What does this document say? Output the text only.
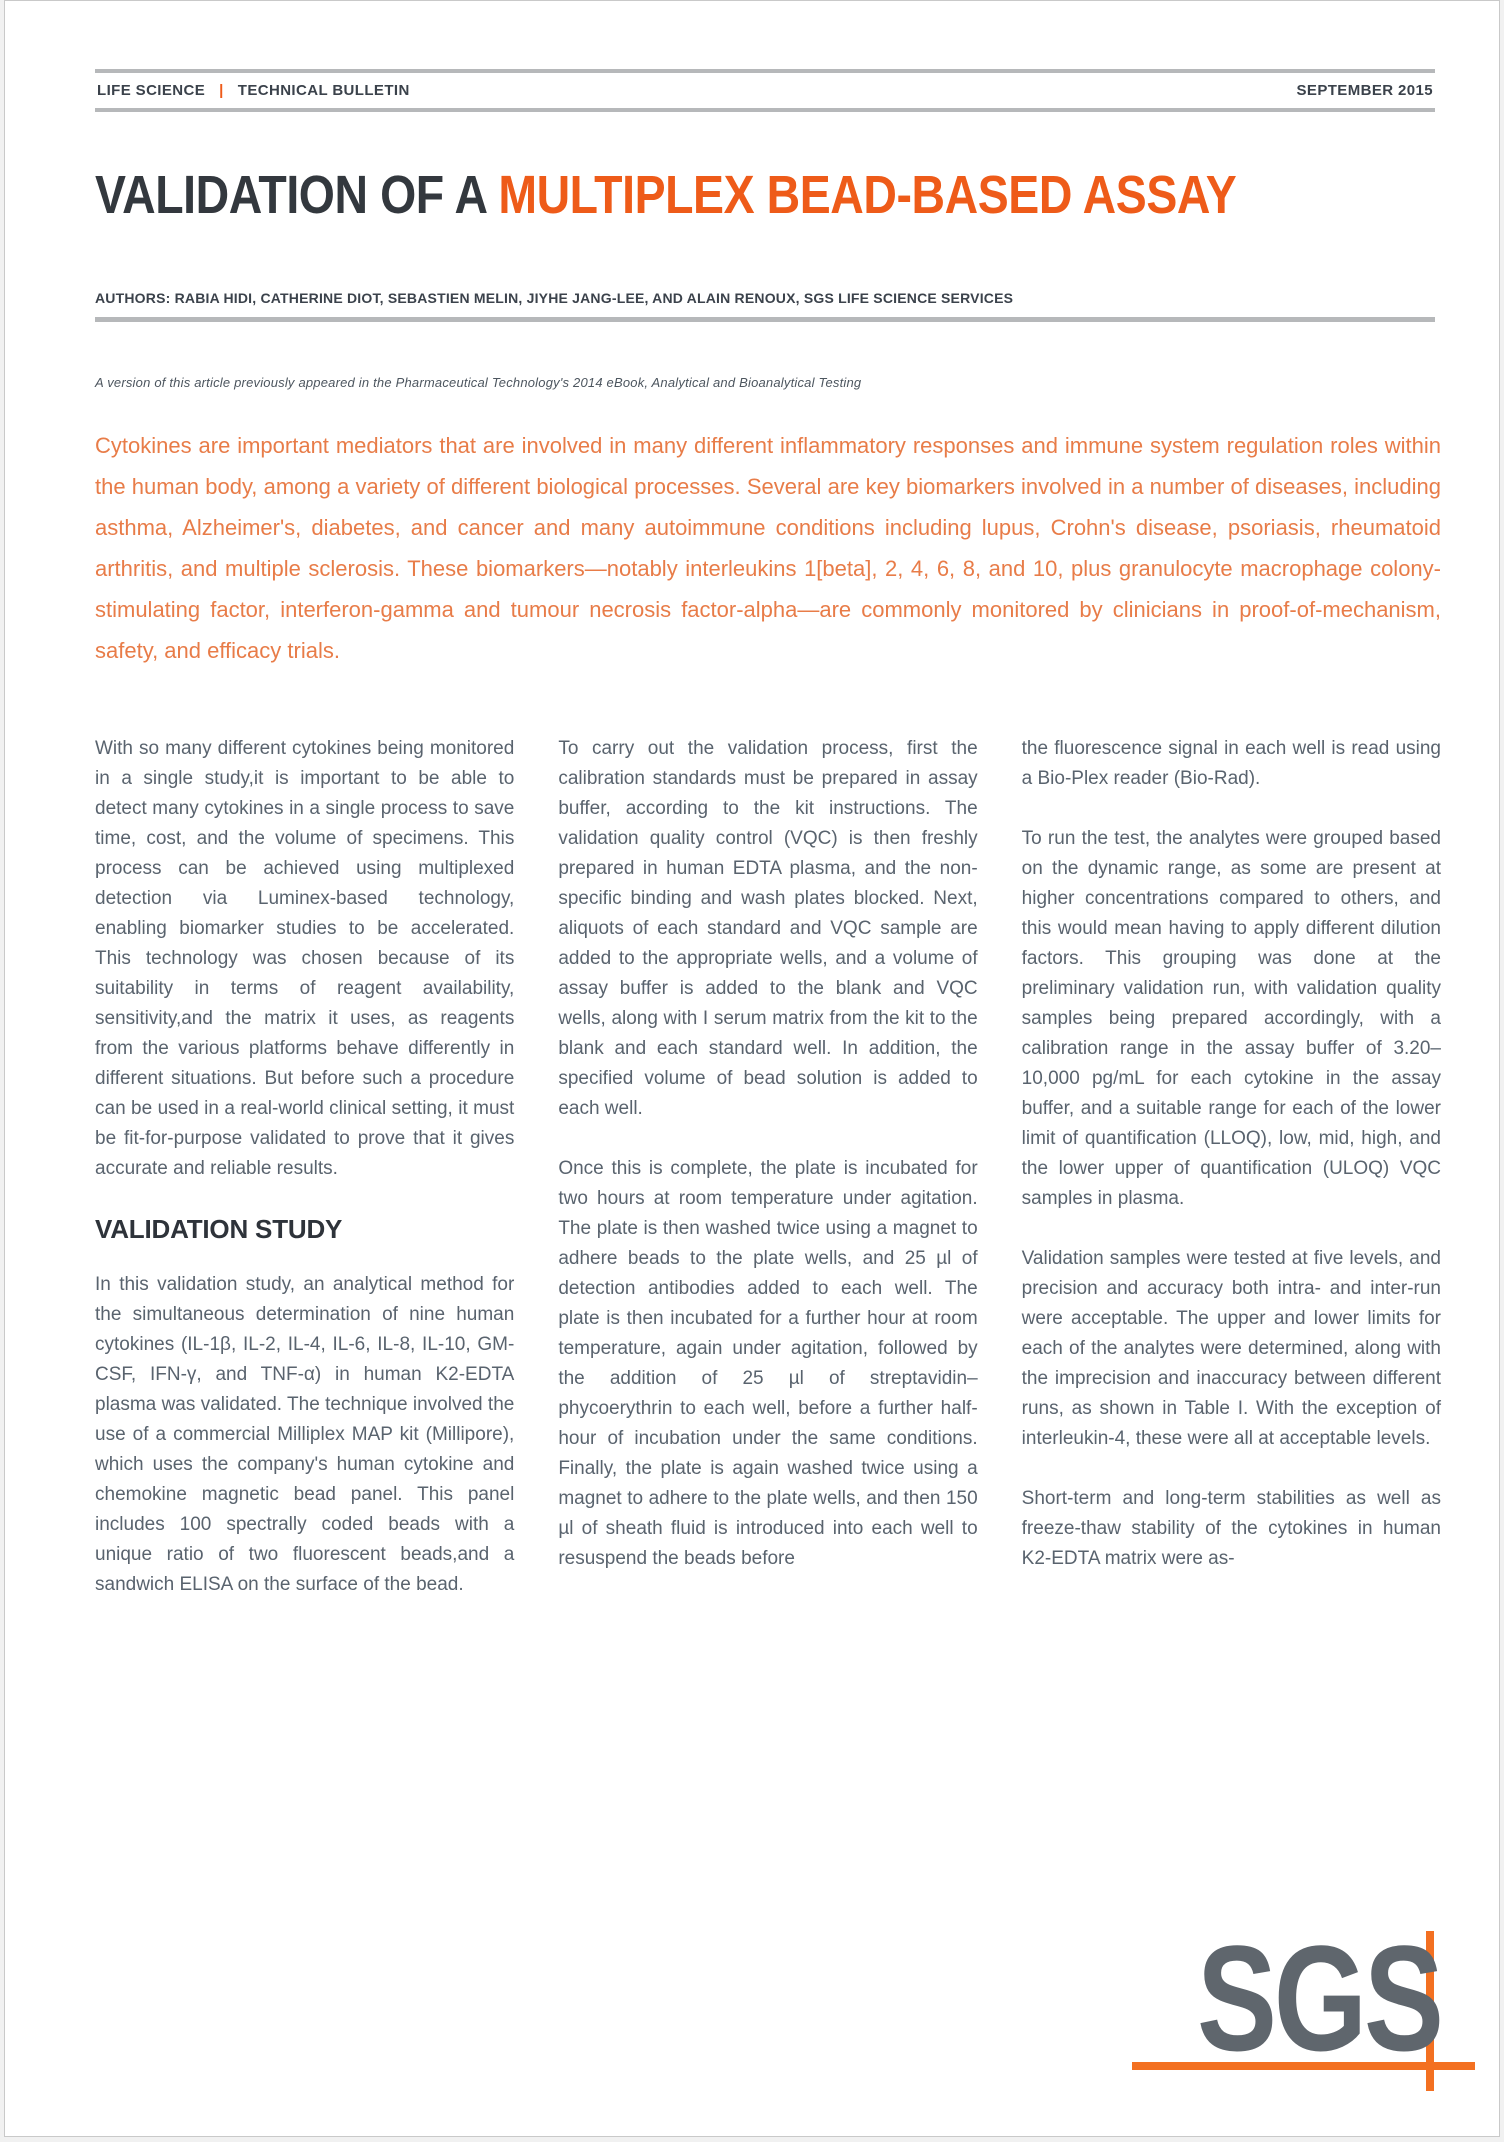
LIFE SCIENCE | TECHNICAL BULLETIN	SEPTEMBER 2015
VALIDATION OF A MULTIPLEX BEAD-BASED ASSAY
AUTHORS: RABIA HIDI, CATHERINE DIOT, SEBASTIEN MELIN, JIYHE JANG-LEE, AND ALAIN RENOUX, SGS LIFE SCIENCE SERVICES
A version of this article previously appeared in the Pharmaceutical Technology's 2014 eBook, Analytical and Bioanalytical Testing

Cytokines are important mediators that are involved in many different inflammatory responses and immune system regulation roles within the human body, among a variety of different biological processes. Several are key biomarkers involved in a number of diseases, including asthma, Alzheimer's, diabetes, and cancer and many autoimmune conditions including lupus, Crohn's disease, psoriasis, rheumatoid arthritis, and multiple sclerosis. These biomarkers—notably interleukins 1[beta], 2, 4, 6, 8, and 10, plus granulocyte macrophage colony-stimulating factor, interferon-gamma and tumour necrosis factor-alpha—are commonly monitored by clinicians in proof-of-mechanism, safety, and efficacy trials.

With so many different cytokines being monitored in a single study,it is important to be able to detect many cytokines in a single process to save time, cost, and the volume of specimens. This process can be achieved using multiplexed detection via Luminex-based technology, enabling biomarker studies to be accelerated. This technology was chosen because of its suitability in terms of reagent availability, sensitivity,and the matrix it uses, as reagents from the various platforms behave differently in different situations. But before such a procedure can be used in a real-world clinical setting, it must be fit-for-purpose validated to prove that it gives accurate and reliable results.

VALIDATION STUDY

In this validation study, an analytical method for the simultaneous determination of nine human cytokines (IL-1β, IL-2, IL-4, IL-6, IL-8, IL-10, GM-CSF, IFN-γ, and TNF-α) in human K2-EDTA plasma was validated. The technique involved the use of a commercial Milliplex MAP kit (Millipore), which uses the company's human cytokine and chemokine magnetic bead panel. This panel includes 100 spectrally coded beads with a unique ratio of two fluorescent beads,and a sandwich ELISA on the surface of the bead.

To carry out the validation process, first the calibration standards must be prepared in assay buffer, according to the kit instructions. The validation quality control (VQC) is then freshly prepared in human EDTA plasma, and the non-specific binding and wash plates blocked. Next, aliquots of each standard and VQC sample are added to the appropriate wells, and a volume of assay buffer is added to the blank and VQC wells, along with I serum matrix from the kit to the blank and each standard well. In addition, the specified volume of bead solution is added to each well.

Once this is complete, the plate is incubated for two hours at room temperature under agitation. The plate is then washed twice using a magnet to adhere beads to the plate wells, and 25 µl of detection antibodies added to each well. The plate is then incubated for a further hour at room temperature, again under agitation, followed by the addition of 25 µl of streptavidin– phycoerythrin to each well, before a further half-hour of incubation under the same conditions. Finally, the plate is again washed twice using a magnet to adhere to the plate wells, and then 150 µl of sheath fluid is introduced into each well to resuspend the beads before

the fluorescence signal in each well is read using a Bio-Plex reader (Bio-Rad).

To run the test, the analytes were grouped based on the dynamic range, as some are present at higher concentrations compared to others, and this would mean having to apply different dilution factors. This grouping was done at the preliminary validation run, with validation quality samples being prepared accordingly, with a calibration range in the assay buffer of 3.20–10,000 pg/mL for each cytokine in the assay buffer, and a suitable range for each of the lower limit of quantification (LLOQ), low, mid, high, and the lower upper of quantification (ULOQ) VQC samples in plasma.

Validation samples were tested at five levels, and precision and accuracy both intra- and inter-run were acceptable. The upper and lower limits for each of the analytes were determined, along with the imprecision and inaccuracy between different runs, as shown in Table I. With the exception of interleukin-4, these were all at acceptable levels.

Short-term and long-term stabilities as well as freeze-thaw stability of the cytokines in human K2-EDTA matrix were as-

SGS
